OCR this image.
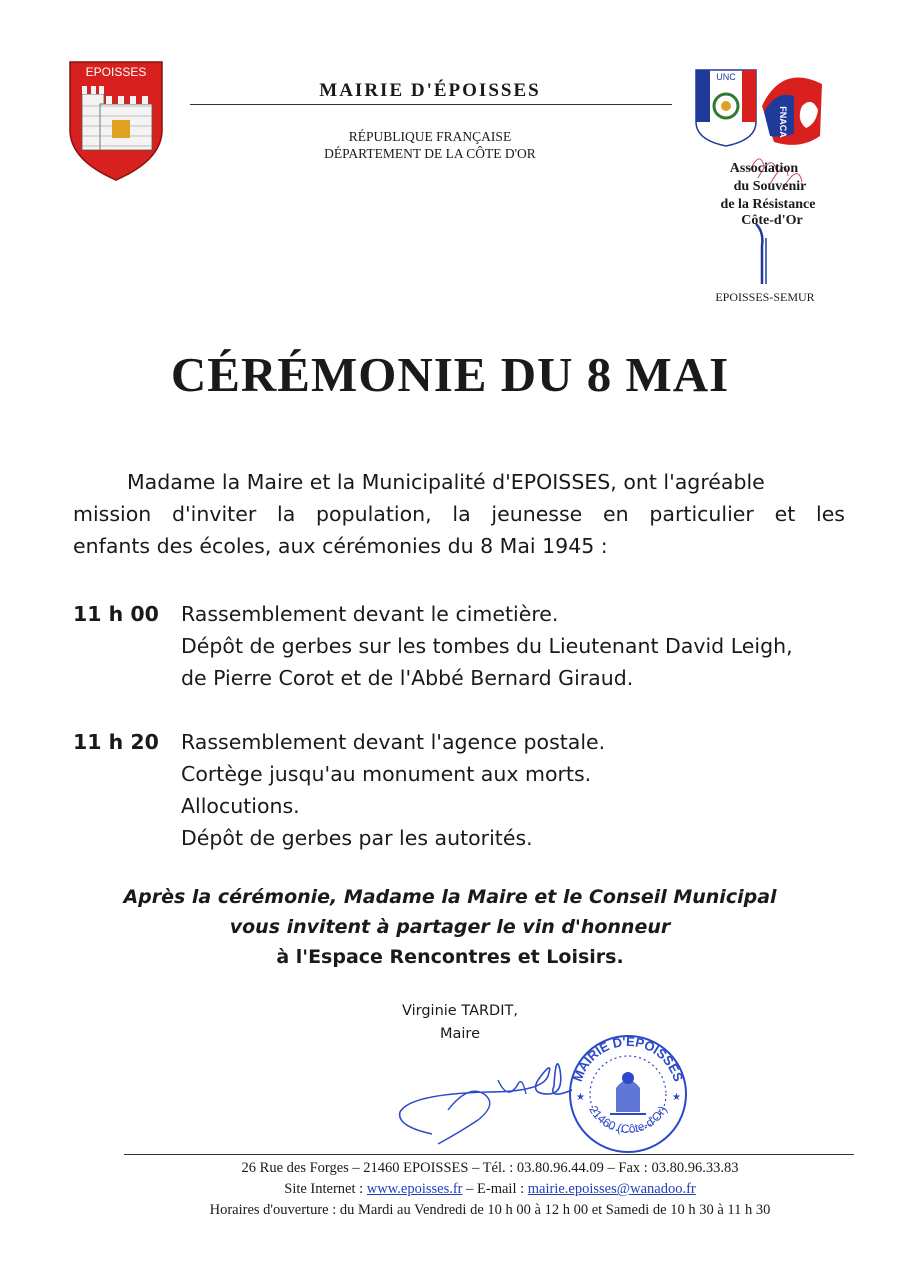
EPOISSES
MAIRIE D'ÉPOISSES
RÉPUBLIQUE FRANÇAISE
DÉPARTEMENT DE LA CÔTE D'OR
UNC
FNACA
Association
du Souvenir
de la Résistance
Côte-d'Or
EPOISSES-SEMUR
CÉRÉMONIE DU 8 MAI
Madame la Maire et la Municipalité d'EPOISSES, ont l'agréable
mission d'inviter la population, la jeunesse en particulier et les
enfants des écoles, aux cérémonies du 8 Mai 1945 :
11 h 00 Rassemblement devant le cimetière.
Dépôt de gerbes sur les tombes du Lieutenant David Leigh,
de Pierre Corot et de l'Abbé Bernard Giraud.
11 h 20 Rassemblement devant l'agence postale.
Cortège jusqu'au monument aux morts.
Allocutions.
Dépôt de gerbes par les autorités.
Après la cérémonie, Madame la Maire et le Conseil Municipal
vous invitent à partager le vin d'honneur
à l'Espace Rencontres et Loisirs.
Virginie TARDIT,
Maire
MAIRIE D'EPOISSES
21460 (Côte-d'Or)
★	★
26 Rue des Forges – 21460 EPOISSES – Tél. : 03.80.96.44.09 – Fax : 03.80.96.33.83
Site Internet : www.epoisses.fr – E-mail : mairie.epoisses@wanadoo.fr
Horaires d'ouverture : du Mardi au Vendredi de 10 h 00 à 12 h 00 et Samedi de 10 h 30 à 11 h 30
